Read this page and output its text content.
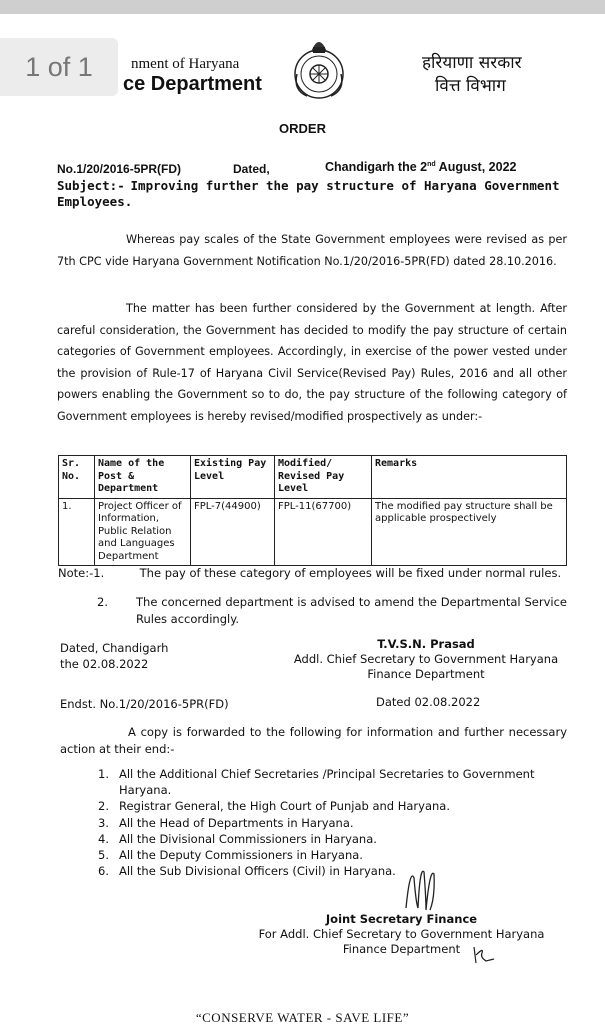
1 of 1	nment of Haryana
ce Department
हरियाणा सरकार
वित्त विभाग
ORDER
No.1/20/2016-5PR(FD)	Dated,	Chandigarh the 2nd August, 2022
Subject:- Improving further the pay structure of Haryana Government Employees.
Whereas pay scales of the State Government employees were revised as per 7th CPC vide Haryana Government Notification No.1/20/2016-5PR(FD) dated 28.10.2016.
The matter has been further considered by the Government at length. After careful consideration, the Government has decided to modify the pay structure of certain categories of Government employees. Accordingly, in exercise of the power vested under the provision of Rule-17 of Haryana Civil Service(Revised Pay) Rules, 2016 and all other powers enabling the Government so to do, the pay structure of the following category of Government employees is hereby revised/modified prospectively as under:-
Sr. No.	Name of the Post & Department	Existing Pay Level	Modified/ Revised Pay Level	Remarks
1.	Project Officer of Information, Public Relation and Languages Department	FPL-7(44900)	FPL-11(67700)	The modified pay structure shall be applicable prospectively
Note:-1.	The pay of these category of employees will be fixed under normal rules.
2. The concerned department is advised to amend the Departmental Service Rules accordingly.
Dated, Chandigarh
the 02.08.2022
T.V.S.N. Prasad
Addl. Chief Secretary to Government Haryana
Finance Department
Endst. No.1/20/2016-5PR(FD)	Dated 02.08.2022
A copy is forwarded to the following for information and further necessary action at their end:-
1. All the Additional Chief Secretaries /Principal Secretaries to Government Haryana.
2. Registrar General, the High Court of Punjab and Haryana.
3. All the Head of Departments in Haryana.
4. All the Divisional Commissioners in Haryana.
5. All the Deputy Commissioners in Haryana.
6. All the Sub Divisional Officers (Civil) in Haryana.
Joint Secretary Finance
For Addl. Chief Secretary to Government Haryana
Finance Department
“CONSERVE WATER - SAVE LIFE”
